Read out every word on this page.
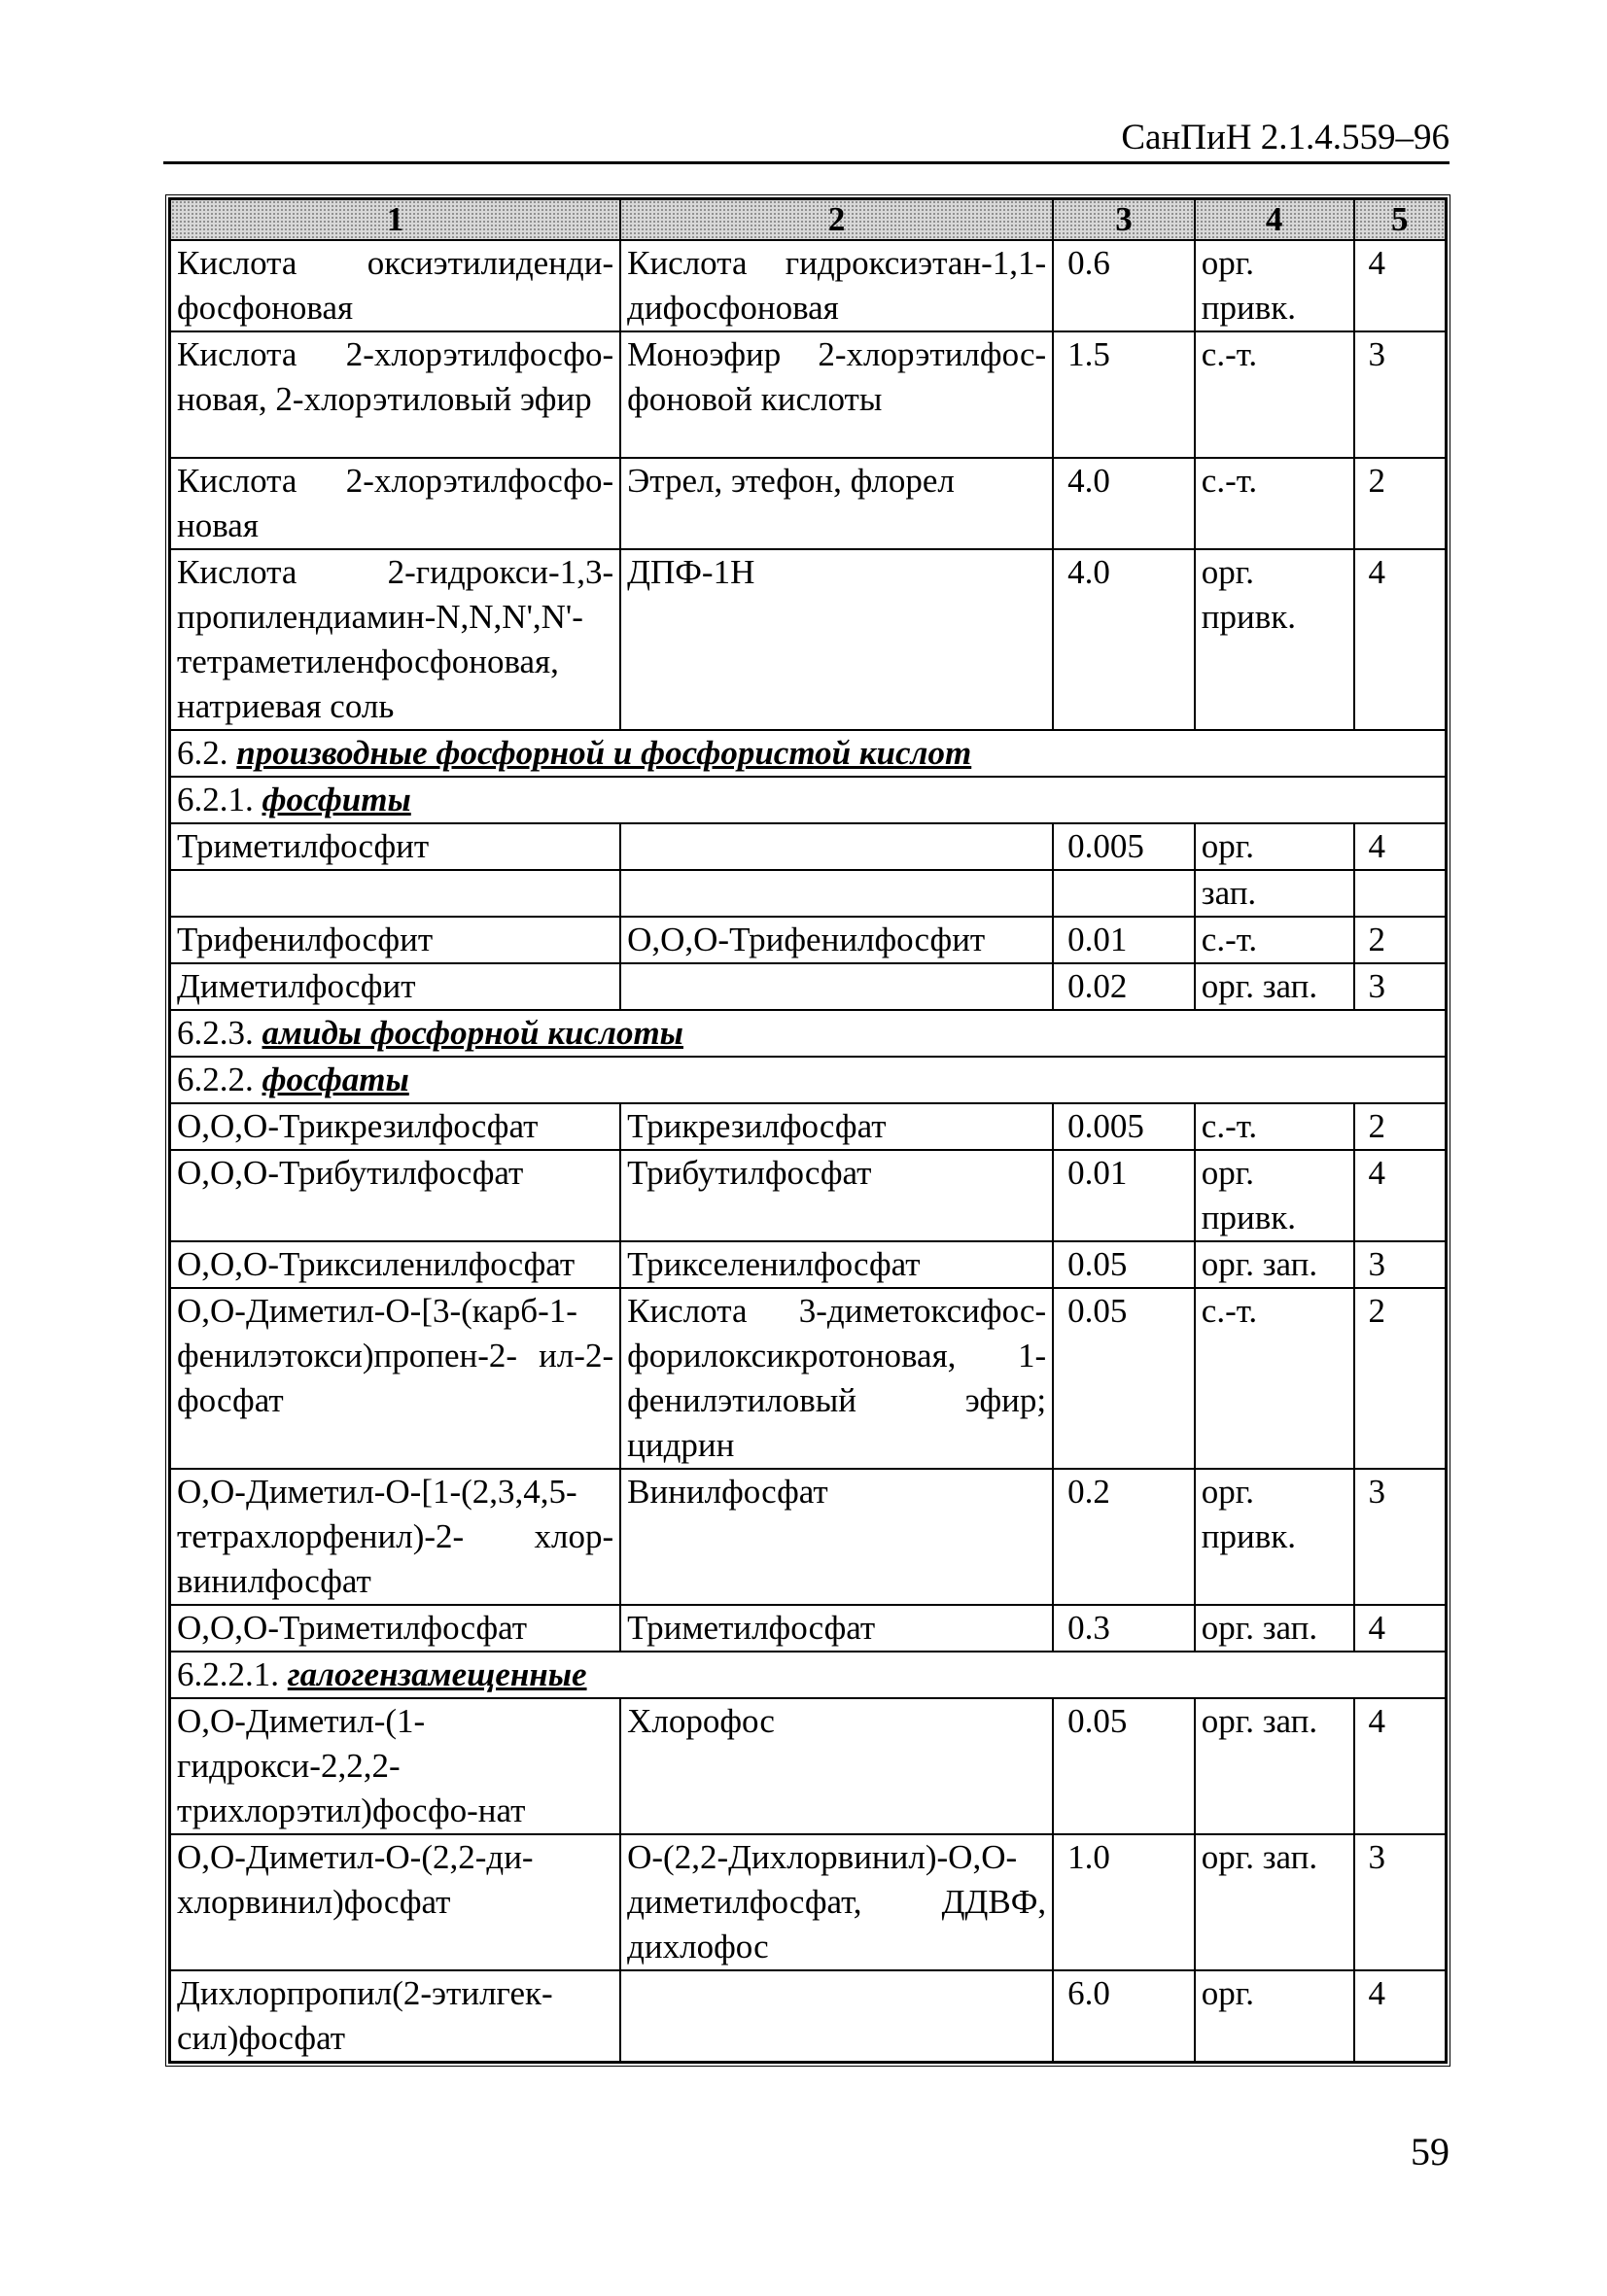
СанПиН 2.1.4.559–96
1	2	3	4	5
Кислота оксиэтилиденди-фосфоновая	Кислота гидроксиэтан-1,1-дифосфоновая	0.6	орг. привк.	4
Кислота 2-хлорэтилфосфо-новая, 2-хлорэтиловый эфир	Моноэфир 2-хлорэтилфос-фоновой кислоты	1.5	с.-т.	3
Кислота 2-хлорэтилфосфо-новая	Этрел, этефон, флорел	4.0	с.-т.	2
Кислота 2-гидрокси-1,3-пропилендиамин-N,N,N',N'-тетраметиленфосфоновая, натриевая соль	ДПФ-1Н	4.0	орг. привк.	4
6.2. производные фосфорной и фосфористой кислот				
6.2.1. фосфиты				
Триметилфосфит		0.005	орг.	4
			зап.	
Трифенилфосфит	О,О,О-Трифенилфосфит	0.01	с.-т.	2
Диметилфосфит		0.02	орг. зап.	3
6.2.3. амиды фосфорной кислоты				
6.2.2. фосфаты				
О,О,О-Трикрезилфосфат	Трикрезилфосфат	0.005	с.-т.	2
О,О,О-Трибутилфосфат	Трибутилфосфат	0.01	орг. привк.	4
О,О,О-Триксиленилфосфат	Трикселенилфосфат	0.05	орг. зап.	3
О,О-Диметил-О-[3-(карб-1-фенилэтокси)пропен-2- ил-2-фосфат	Кислота 3-диметоксифос-форилоксикротоновая, 1-фенилэтиловый эфир; цидрин	0.05	с.-т.	2
О,О-Диметил-О-[1-(2,3,4,5-тетрахлорфенил)-2- хлор-винилфосфат	Винилфосфат	0.2	орг. привк.	3
О,О,О-Триметилфосфат	Триметилфосфат	0.3	орг. зап.	4
6.2.2.1. галогензамещенные				
О,О-Диметил-(1-гидрокси-2,2,2-трихлорэтил)фосфо-нат	Хлорофос	0.05	орг. зап.	4
О,О-Диметил-О-(2,2-ди-хлорвинил)фосфат	О-(2,2-Дихлорвинил)-О,О-диметилфосфат, ДДВФ, дихлофос	1.0	орг. зап.	3
Дихлорпропил(2-этилгек-сил)фосфат		6.0	орг.	4
59
